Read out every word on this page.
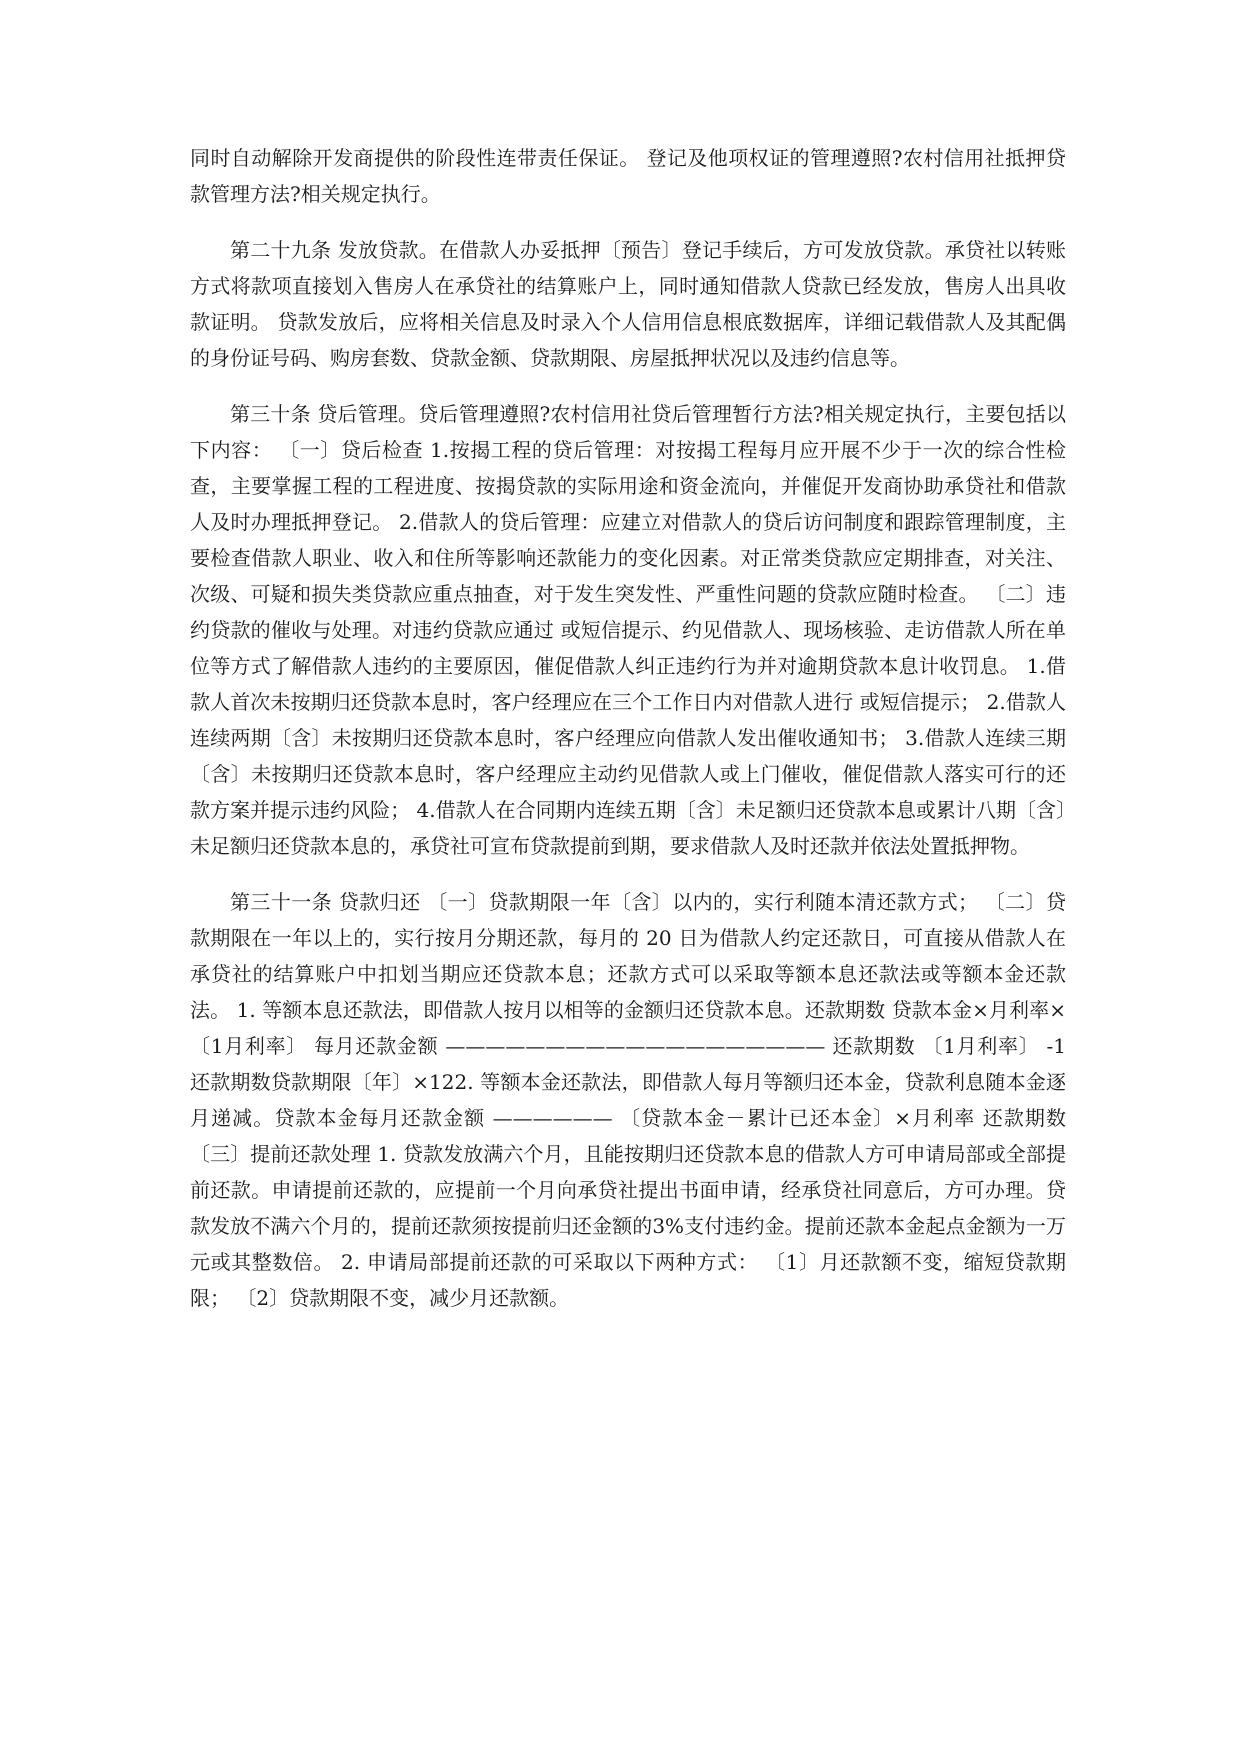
同时自动解除开发商提供的阶段性连带责任保证。 登记及他项权证的管理遵照?农村信用社抵押贷款管理方法?相关规定执行。

第二十九条 发放贷款。在借款人办妥抵押〔预告〕登记手续后，方可发放贷款。承贷社以转账方式将款项直接划入售房人在承贷社的结算账户上，同时通知借款人贷款已经发放，售房人出具收款证明。 贷款发放后，应将相关信息及时录入个人信用信息根底数据库，详细记载借款人及其配偶的身份证号码、购房套数、贷款金额、贷款期限、房屋抵押状况以及违约信息等。

第三十条 贷后管理。贷后管理遵照?农村信用社贷后管理暂行方法?相关规定执行，主要包括以下内容： 〔一〕贷后检查 1.按揭工程的贷后管理：对按揭工程每月应开展不少于一次的综合性检查，主要掌握工程的工程进度、按揭贷款的实际用途和资金流向，并催促开发商协助承贷社和借款人及时办理抵押登记。 2.借款人的贷后管理：应建立对借款人的贷后访问制度和跟踪管理制度，主要检查借款人职业、收入和住所等影响还款能力的变化因素。对正常类贷款应定期排查，对关注、次级、可疑和损失类贷款应重点抽查，对于发生突发性、严重性问题的贷款应随时检查。 〔二〕违约贷款的催收与处理。对违约贷款应通过 或短信提示、约见借款人、现场核验、走访借款人所在单位等方式了解借款人违约的主要原因，催促借款人纠正违约行为并对逾期贷款本息计收罚息。 1.借款人首次未按期归还贷款本息时，客户经理应在三个工作日内对借款人进行 或短信提示； 2.借款人连续两期〔含〕未按期归还贷款本息时，客户经理应向借款人发出催收通知书； 3.借款人连续三期〔含〕未按期归还贷款本息时，客户经理应主动约见借款人或上门催收，催促借款人落实可行的还款方案并提示违约风险； 4.借款人在合同期内连续五期〔含〕未足额归还贷款本息或累计八期〔含〕未足额归还贷款本息的，承贷社可宣布贷款提前到期，要求借款人及时还款并依法处置抵押物。

第三十一条 贷款归还 〔一〕贷款期限一年〔含〕以内的，实行利随本清还款方式； 〔二〕贷款期限在一年以上的，实行按月分期还款，每月的 20 日为借款人约定还款日，可直接从借款人在承贷社的结算账户中扣划当期应还贷款本息；还款方式可以采取等额本息还款法或等额本金还款法。 1. 等额本息还款法，即借款人按月以相等的金额归还贷款本息。还款期数 贷款本金×月利率×〔1月利率〕 每月还款金额 ——————————————————— 还款期数 〔1月利率〕 -1 还款期数贷款期限〔年〕×122. 等额本金还款法，即借款人每月等额归还本金，贷款利息随本金逐月递减。贷款本金每月还款金额 —————— 〔贷款本金－累计已还本金〕×月利率 还款期数 〔三〕提前还款处理 1. 贷款发放满六个月，且能按期归还贷款本息的借款人方可申请局部或全部提前还款。申请提前还款的，应提前一个月向承贷社提出书面申请，经承贷社同意后，方可办理。贷款发放不满六个月的，提前还款须按提前归还金额的3%支付违约金。提前还款本金起点金额为一万元或其整数倍。 2. 申请局部提前还款的可采取以下两种方式： 〔1〕月还款额不变，缩短贷款期限； 〔2〕贷款期限不变，减少月还款额。
